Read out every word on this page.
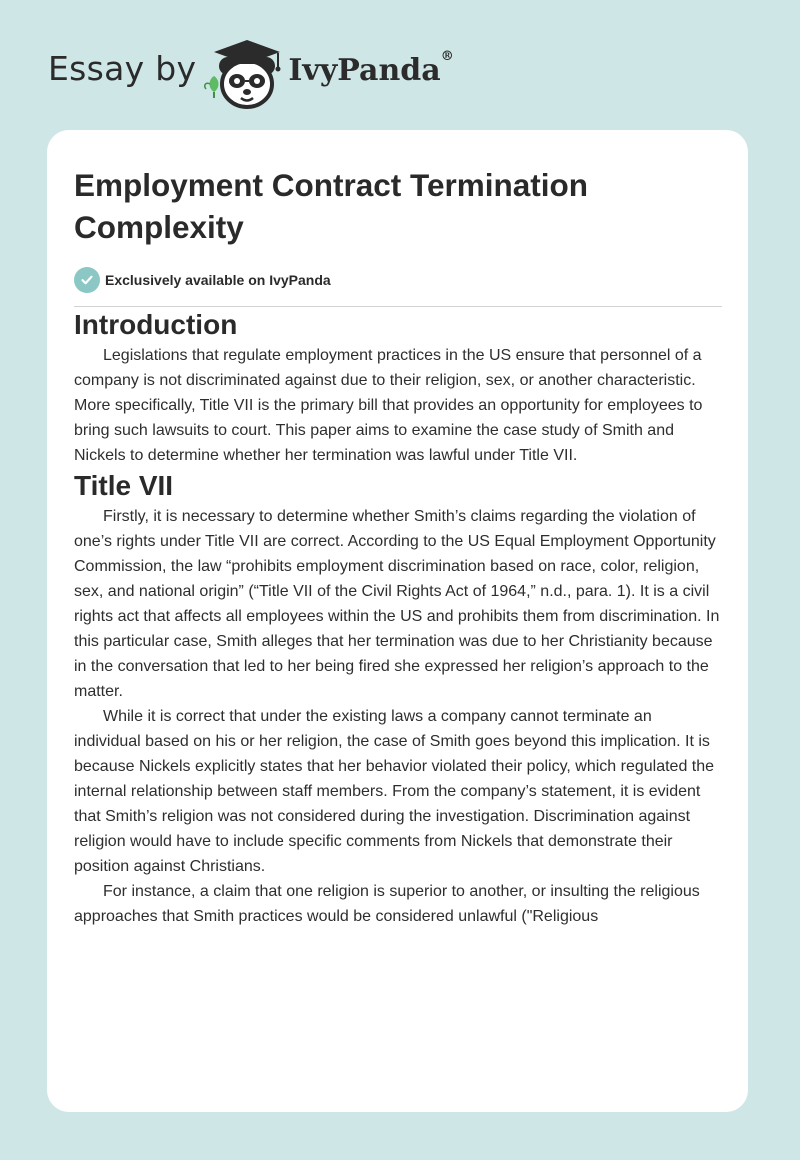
Essay by	IvyPanda®
Employment Contract Termination Complexity
Exclusively available on IvyPanda
Introduction

Legislations that regulate employment practices in the US ensure that personnel of a company is not discriminated against due to their religion, sex, or another characteristic. More specifically, Title VII is the primary bill that provides an opportunity for employees to bring such lawsuits to court. This paper aims to examine the case study of Smith and Nickels to determine whether her termination was lawful under Title VII.

Title VII

Firstly, it is necessary to determine whether Smith’s claims regarding the violation of one’s rights under Title VII are correct. According to the US Equal Employment Opportunity Commission, the law “prohibits employment discrimination based on race, color, religion, sex, and national origin” (“Title VII of the Civil Rights Act of 1964,” n.d., para. 1). It is a civil rights act that affects all employees within the US and prohibits them from discrimination. In this particular case, Smith alleges that her termination was due to her Christianity because in the conversation that led to her being fired she expressed her religion’s approach to the matter.

While it is correct that under the existing laws a company cannot terminate an individual based on his or her religion, the case of Smith goes beyond this implication. It is because Nickels explicitly states that her behavior violated their policy, which regulated the internal relationship between staff members. From the company’s statement, it is evident that Smith’s religion was not considered during the investigation. Discrimination against religion would have to include specific comments from Nickels that demonstrate their position against Christians.

For instance, a claim that one religion is superior to another, or insulting the religious approaches that Smith practices would be considered unlawful ("Religious
